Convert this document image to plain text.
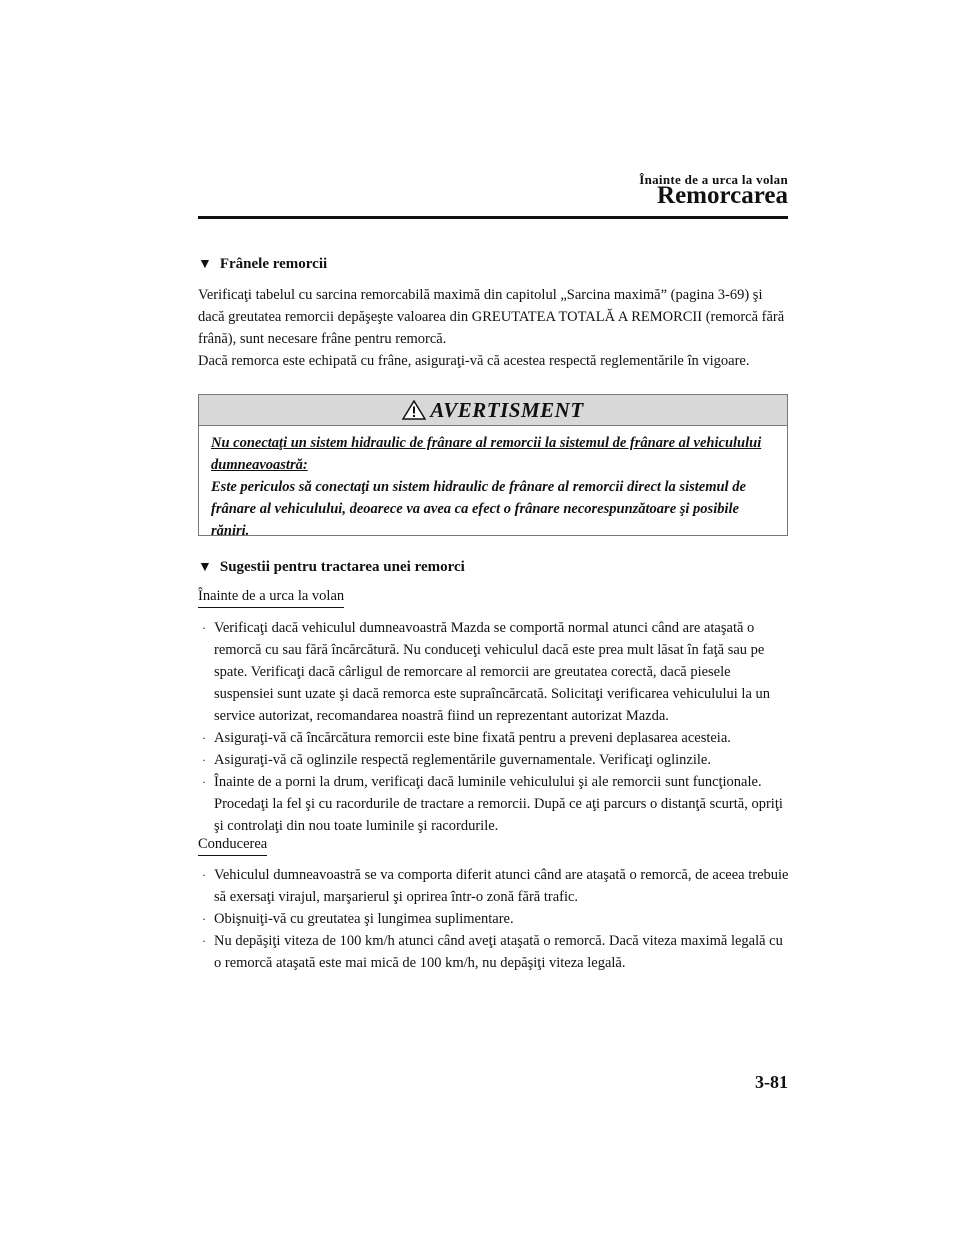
Înainte de a urca la volan
Remorcarea
▼ Frânele remorcii

Verificaţi tabelul cu sarcina remorcabilă maximă din capitolul „Sarcina maximă” (pagina 3-69) şi dacă greutatea remorcii depăşeşte valoarea din GREUTATEA TOTALĂ A REMORCII (remorcă fără frână), sunt necesare frâne pentru remorcă.

Dacă remorca este echipată cu frâne, asiguraţi-vă că acestea respectă reglementările în vigoare.

AVERTISMENT
Nu conectaţi un sistem hidraulic de frânare al remorcii la sistemul de frânare al vehiculului dumneavoastră:
Este periculos să conectaţi un sistem hidraulic de frânare al remorcii direct la sistemul de frânare al vehiculului, deoarece va avea ca efect o frânare necorespunzătoare şi posibile răniri.
▼ Sugestii pentru tractarea unei remorci
Înainte de a urca la volan
· Verificaţi dacă vehiculul dumneavoastră Mazda se comportă normal atunci când are ataşată o remorcă cu sau fără încărcătură. Nu conduceţi vehiculul dacă este prea mult lăsat în faţă sau pe spate. Verificaţi dacă cârligul de remorcare al remorcii are greutatea corectă, dacă piesele suspensiei sunt uzate şi dacă remorca este supraîncărcată. Solicitaţi verificarea vehiculului la un service autorizat, recomandarea noastră fiind un reprezentant autorizat Mazda.
· Asiguraţi-vă că încărcătura remorcii este bine fixată pentru a preveni deplasarea acesteia.
· Asiguraţi-vă că oglinzile respectă reglementările guvernamentale. Verificaţi oglinzile.
· Înainte de a porni la drum, verificaţi dacă luminile vehiculului şi ale remorcii sunt funcţionale. Procedaţi la fel şi cu racordurile de tractare a remorcii. După ce aţi parcurs o distanţă scurtă, opriţi şi controlaţi din nou toate luminile şi racordurile.
Conducerea
· Vehiculul dumneavoastră se va comporta diferit atunci când are ataşată o remorcă, de aceea trebuie să exersaţi virajul, marşarierul şi oprirea într-o zonă fără trafic.
· Obişnuiţi-vă cu greutatea şi lungimea suplimentare.
· Nu depăşiţi viteza de 100 km/h atunci când aveţi ataşată o remorcă. Dacă viteza maximă legală cu o remorcă ataşată este mai mică de 100 km/h, nu depăşiţi viteza legală.
3-81
